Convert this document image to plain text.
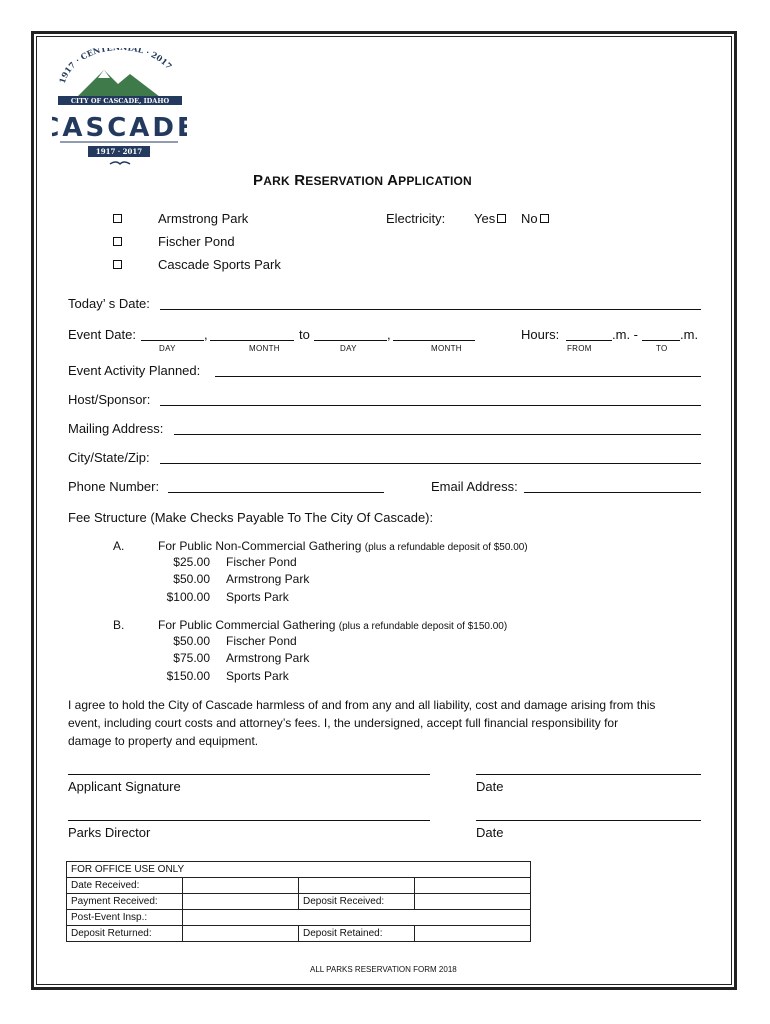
1917 · CENT AL · 2017
CITY OF CASCADE, IDAHO
ASCAD
1917 · 2017
PARK RESERVATION APPLICATION
Armstrong Park
Fischer Pond
Cascade Sports Park
Electricity: Yes	No
Today’ s Date:
Event Date:	,	to	,
DAY	MONTH	DAY	MONTH
Hours:	.m. -	.m.
FROM	TO
Event Activity Planned:
Host/Sponsor:
Mailing Address:
City/State/Zip:
Phone Number:	Email Address:
Fee Structure (Make Checks Payable To The City Of Cascade):
A.	For Public Non-Commercial Gathering (plus a refundable deposit of $50.00)
$25.00 Fischer Pond
$50.00 Armstrong Park
$100.00 Sports Park
B.	For Public Commercial Gathering (plus a refundable deposit of $150.00)
$50.00 Fischer Pond
$75.00 Armstrong Park
$150.00 Sports Park
I agree to hold the City of Cascade harmless of and from any and all liability, cost and damage arising from this
event, including court costs and attorney’s fees. I, the undersigned, accept full financial responsibility for
damage to property and equipment.
Applicant Signature	Date
Parks Director	Date
FOR OFFICE USE ONLY			
Date Received:			
Payment Received:		Deposit Received:	
Post-Event Insp.:			
Deposit Returned:		Deposit Retained:	
ALL PARKS RESERVATION FORM 2018
